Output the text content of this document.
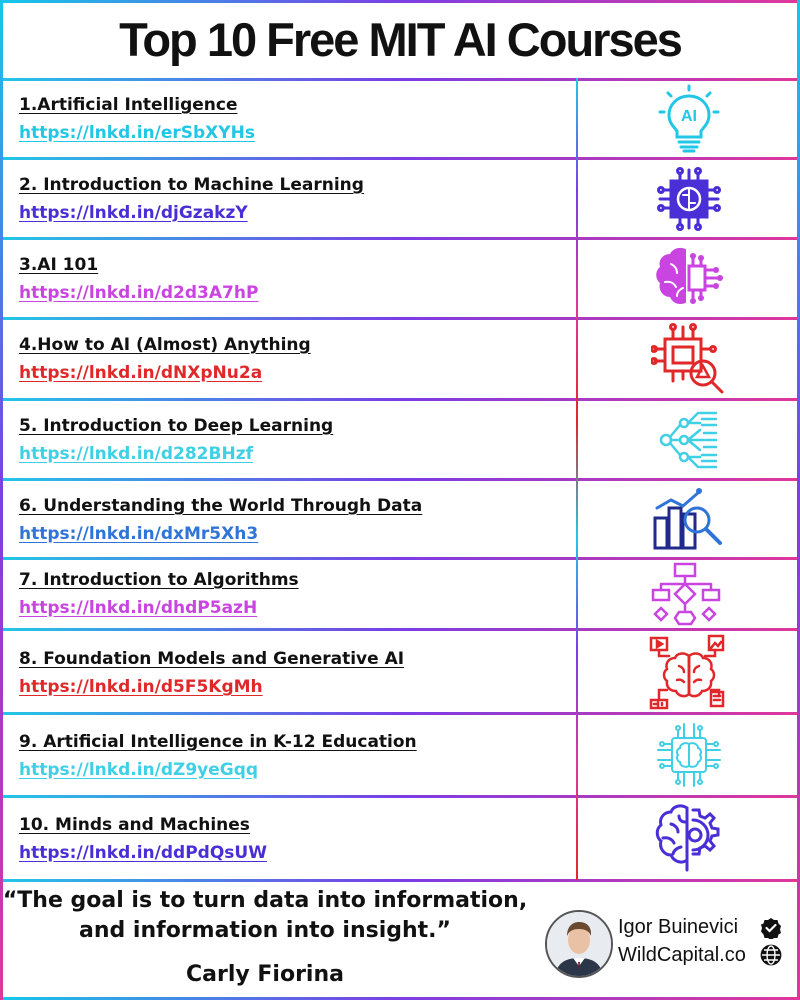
Top 10 Free MIT AI Courses
1.Artificial Intelligence
https://lnkd.in/erSbXYHs
2. Introduction to Machine Learning
https://lnkd.in/djGzakzY
3.AI 101
https://lnkd.in/d2d3A7hP
4.How to AI (Almost) Anything
https://lnkd.in/dNXpNu2a
5. Introduction to Deep Learning
https://lnkd.in/d282BHzf
6. Understanding the World Through Data
https://lnkd.in/dxMr5Xh3
7. Introduction to Algorithms
https://lnkd.in/dhdP5azH
8. Foundation Models and Generative AI
https://lnkd.in/d5F5KgMh
9. Artificial Intelligence in K-12 Education
https://lnkd.in/dZ9yeGqq
10. Minds and Machines
https://lnkd.in/ddPdQsUW
AI
“The goal is to turn data into information,
and information into insight.”
Carly Fiorina
Igor Buinevici
WildCapital.co
